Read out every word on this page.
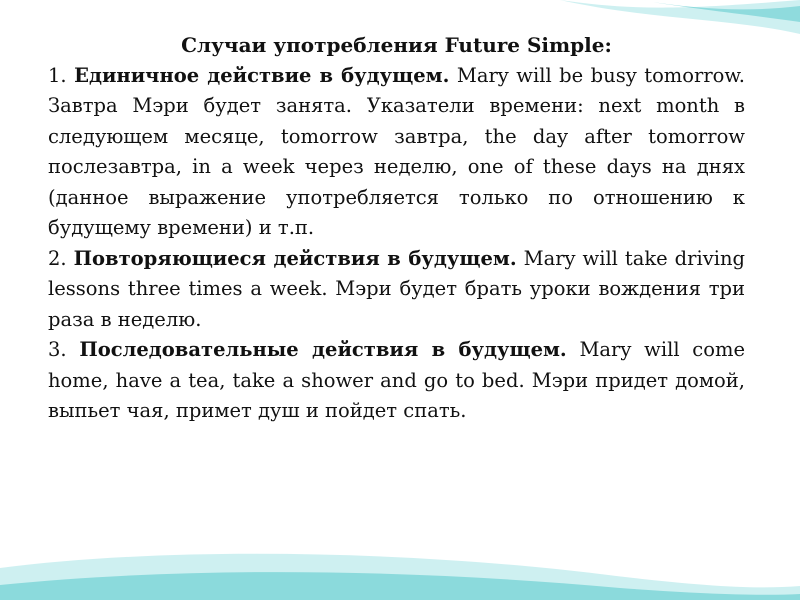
Случаи употребления Future Simple:

1. Единичное действие в будущем. Mary will be busy tomorrow. Завтра Мэри будет занята. Указатели времени: next month в следующем месяце, tomorrow завтра, the day after tomorrow послезавтра, in a week через неделю, one of these days на днях (данное выражение употребляется только по отношению к будущему времени) и т.п.

2. Повторяющиеся действия в будущем. Mary will take driving lessons three times a week. Мэри будет брать уроки вождения три раза в неделю.

3. Последовательные действия в будущем. Mary will come home, have a tea, take a shower and go to bed. Мэри придет домой, выпьет чая, примет душ и пойдет спать.
